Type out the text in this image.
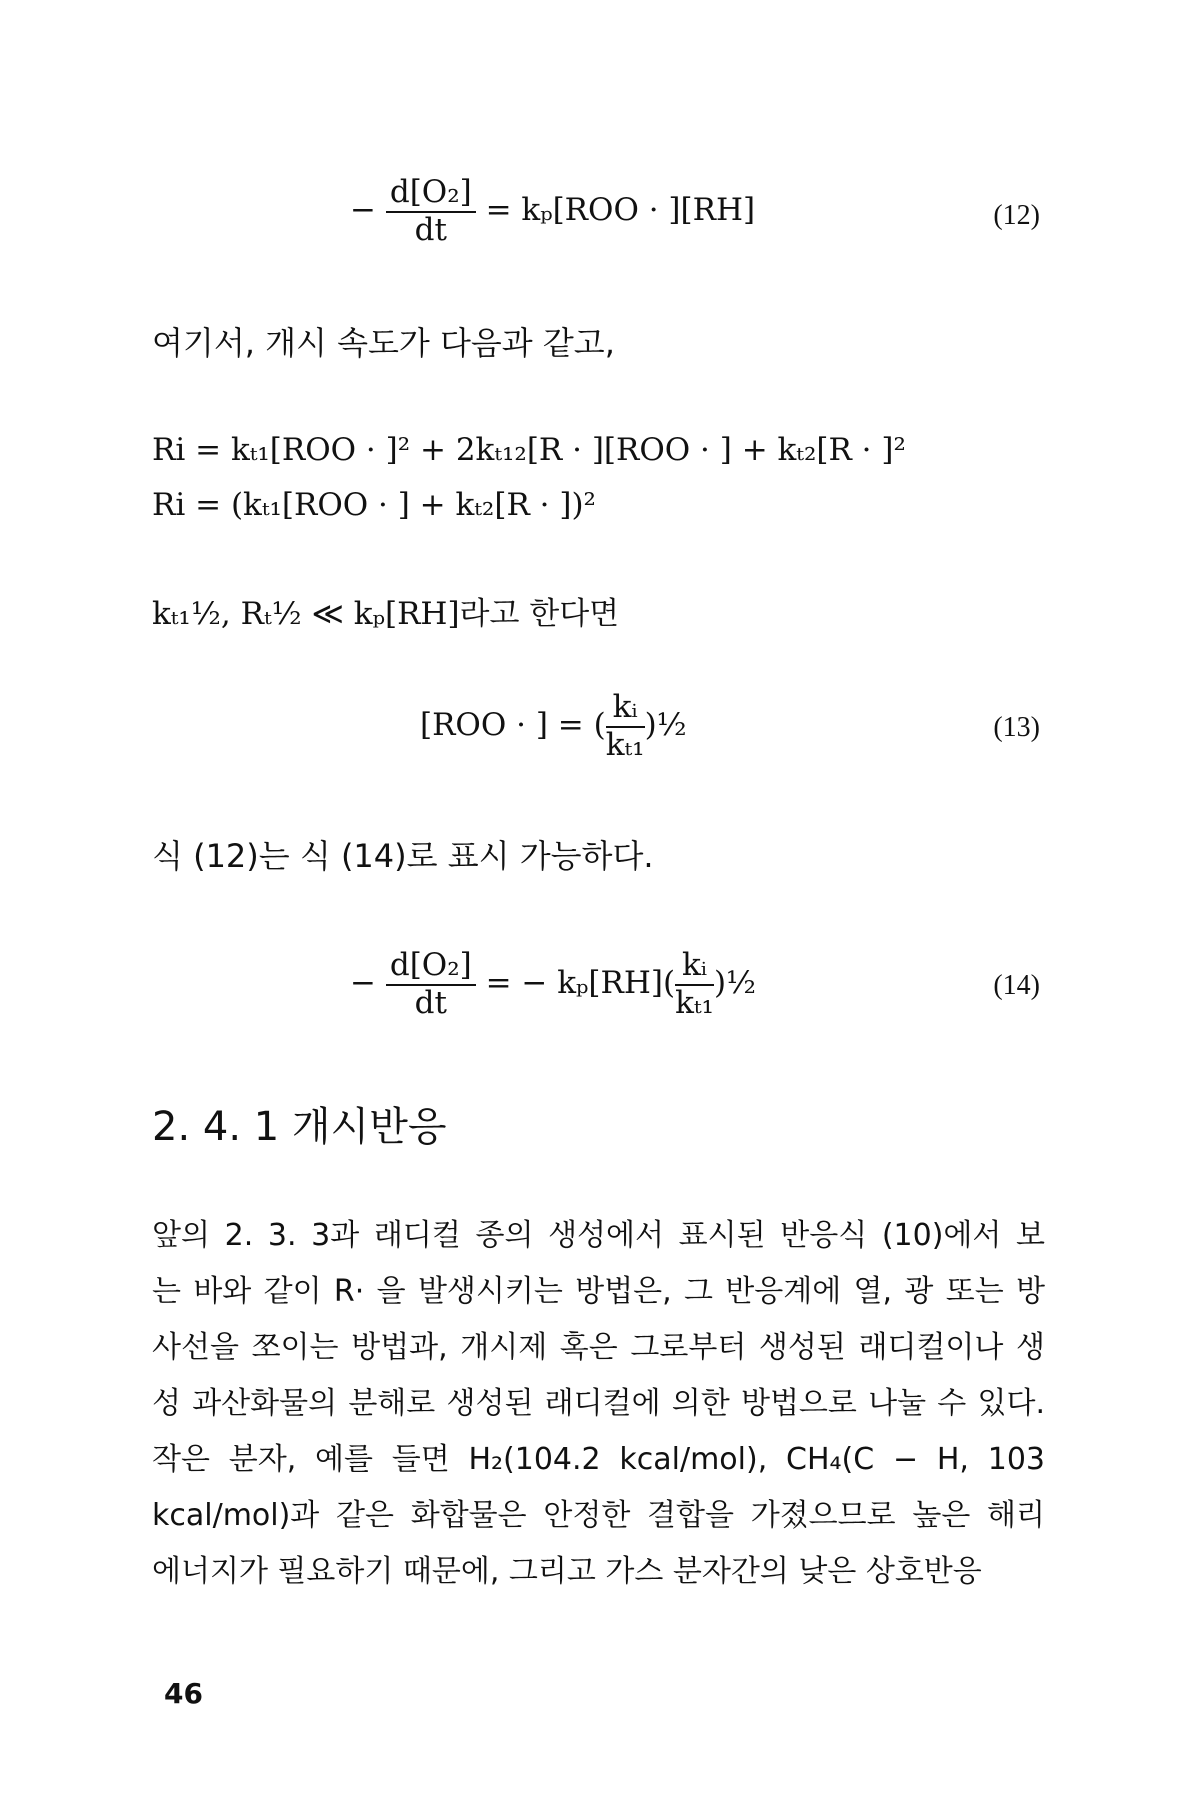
− $\frac{\text{d[O₂]}}{dt} = k_p[ROO \cdot ][RH]$	(12)
여기서, 개시 속도가 다음과 같고,
Ri = kₜ₁[ROO · ]² + 2kₜ₁₂[R · ][ROO · ] + kₜ₂[R · ]²
Ri = (kₜ₁[ROO · ] + kₜ₂[R · ])²
kₜ₁½, Rₜ½ ≪ kₚ[RH]라고 한다면
[ROO · ] = ( $\frac{\text{kᵢ}}{\text{kₜ₁}}$ )½	(13)
식 (12)는 식 (14)로 표시 가능하다.
− $\frac{\text{d[O₂]}}{dt}$ = − $k_p[RH]( \frac{\text{kᵢ}}{\text{kₜ₁}}$ )½	(14)
2. 4. 1 개시반응
앞의 2. 3. 3과 래디컬 종의 생성에서 표시된 반응식 (10)에서 보
는 바와 같이 R· 을 발생시키는 방법은, 그 반응계에 열, 광 또는 방
사선을 쪼이는 방법과, 개시제 혹은 그로부터 생성된 래디컬이나 생
성 과산화물의 분해로 생성된 래디컬에 의한 방법으로 나눌 수 있다.
작은 분자, 예를 들면 H₂(104.2 kcal/mol), CH₄(C − H, 103
kcal/mol)과 같은 화합물은 안정한 결합을 가졌으므로 높은 해리
에너지가 필요하기 때문에, 그리고 가스 분자간의 낮은 상호반응
46
